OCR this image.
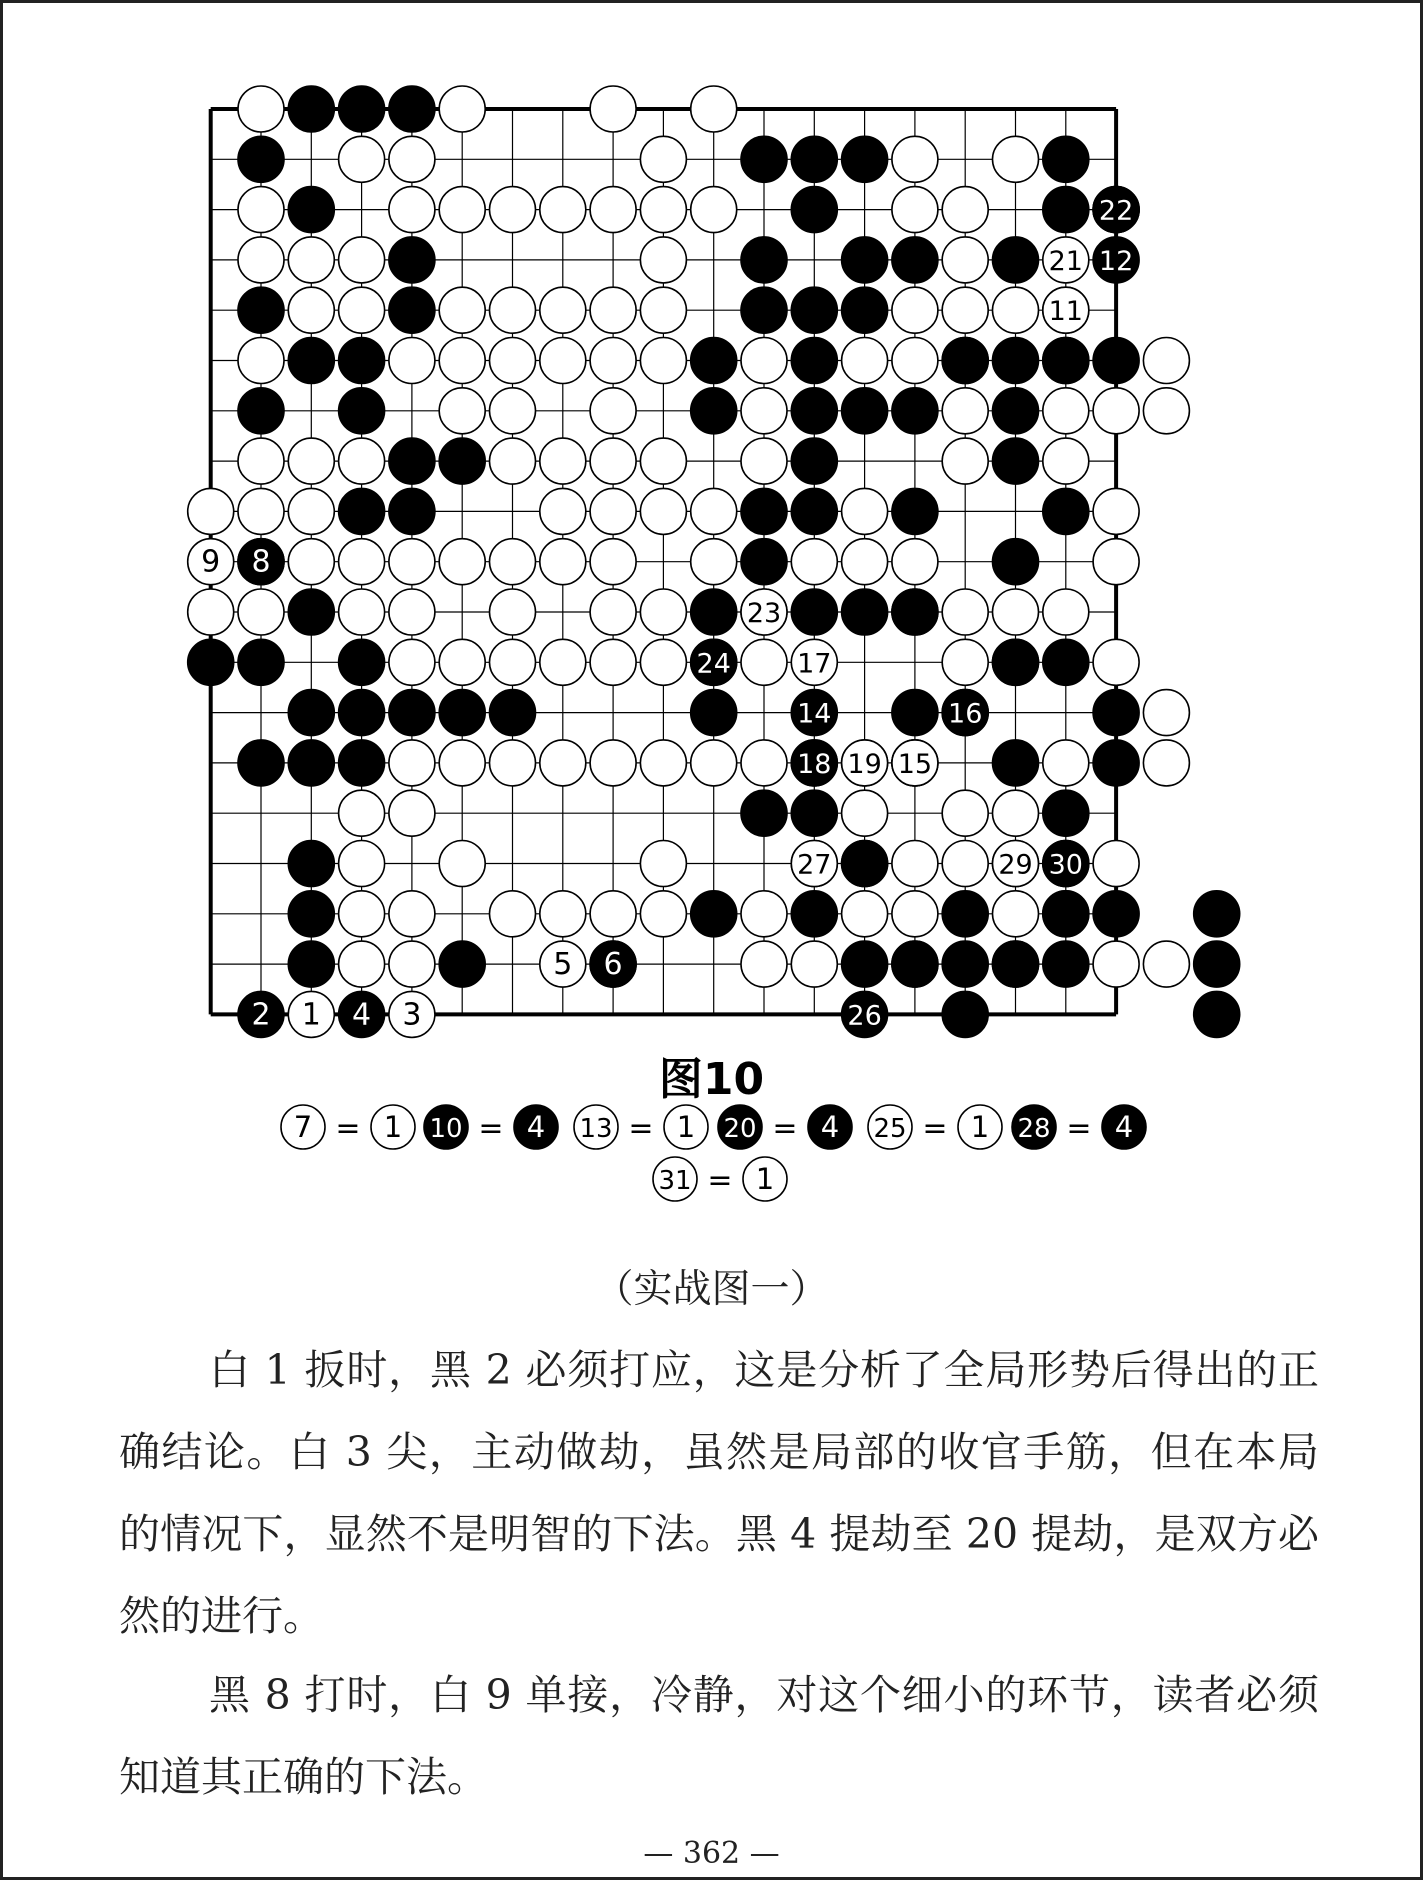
1
2	3
4
5 6
8
9
11
12
14
15
16
17
18 19
21
22
23
24
26
27	29 30
7 1
=	10 4
=	13 1
=	20 4
=	25 1
=	28 4
=
31 1
=
图10
（实战图一）

白 1 扳时，黑 2 必须打应，这是分析了全局形势后得出的正确结论。白 3 尖，主动做劫，虽然是局部的收官手筋，但在本局的情况下，显然不是明智的下法。黑 4 提劫至 20 提劫，是双方必然的进行。

黑 8 打时，白 9 单接，冷静，对这个细小的环节，读者必须知道其正确的下法。

— 362 —
